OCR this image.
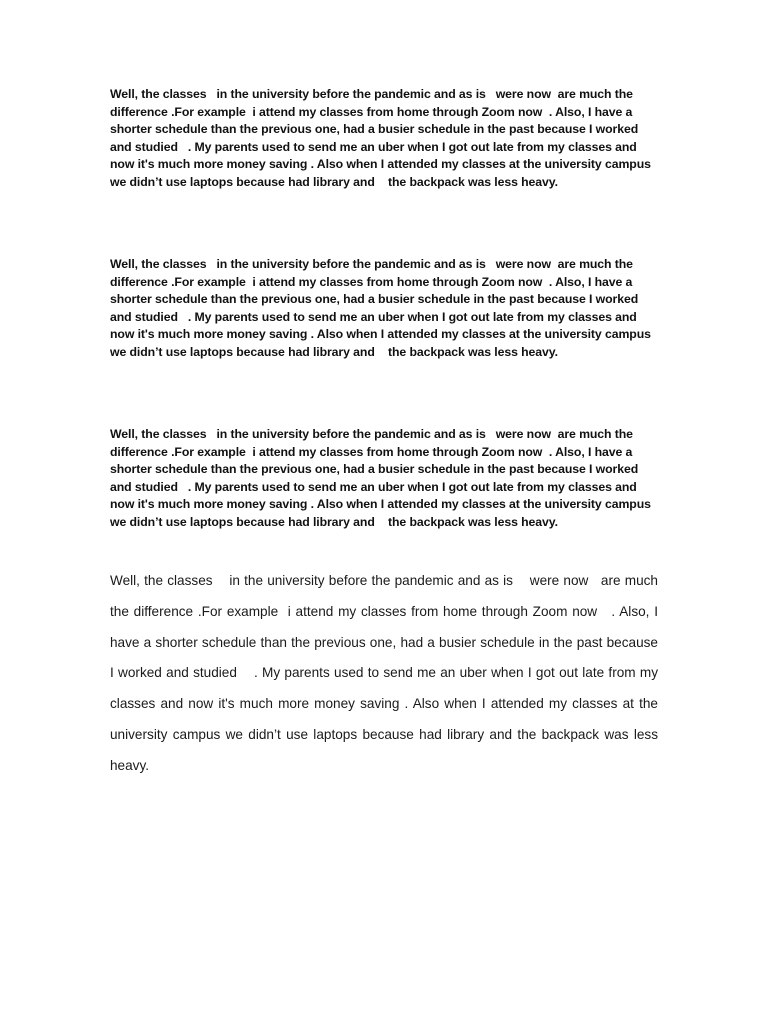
Well, the classes   in the university before the pandemic and as is   were now  are much the difference .For example  i attend my classes from home through Zoom now  . Also, I have a shorter schedule than the previous one, had a busier schedule in the past because I worked and studied   . My parents used to send me an uber when I got out late from my classes and now it's much more money saving . Also when I attended my classes at the university campus we didn’t use laptops because had library and    the backpack was less heavy.

Well, the classes   in the university before the pandemic and as is   were now  are much the difference .For example  i attend my classes from home through Zoom now  . Also, I have a shorter schedule than the previous one, had a busier schedule in the past because I worked and studied   . My parents used to send me an uber when I got out late from my classes and now it's much more money saving . Also when I attended my classes at the university campus we didn’t use laptops because had library and    the backpack was less heavy.

Well, the classes   in the university before the pandemic and as is   were now  are much the difference .For example  i attend my classes from home through Zoom now  . Also, I have a shorter schedule than the previous one, had a busier schedule in the past because I worked and studied   . My parents used to send me an uber when I got out late from my classes and now it's much more money saving . Also when I attended my classes at the university campus we didn’t use laptops because had library and    the backpack was less heavy.

Well, the classes    in the university before the pandemic and as is    were now   are much the difference .For example  i attend my classes from home through Zoom now   . Also, I have a shorter schedule than the previous one, had a busier schedule in the past because I worked and studied    . My parents used to send me an uber when I got out late from my classes and now it's much more money saving . Also when I attended my classes at the university campus we didn’t use laptops because had library and the backpack was less heavy.
